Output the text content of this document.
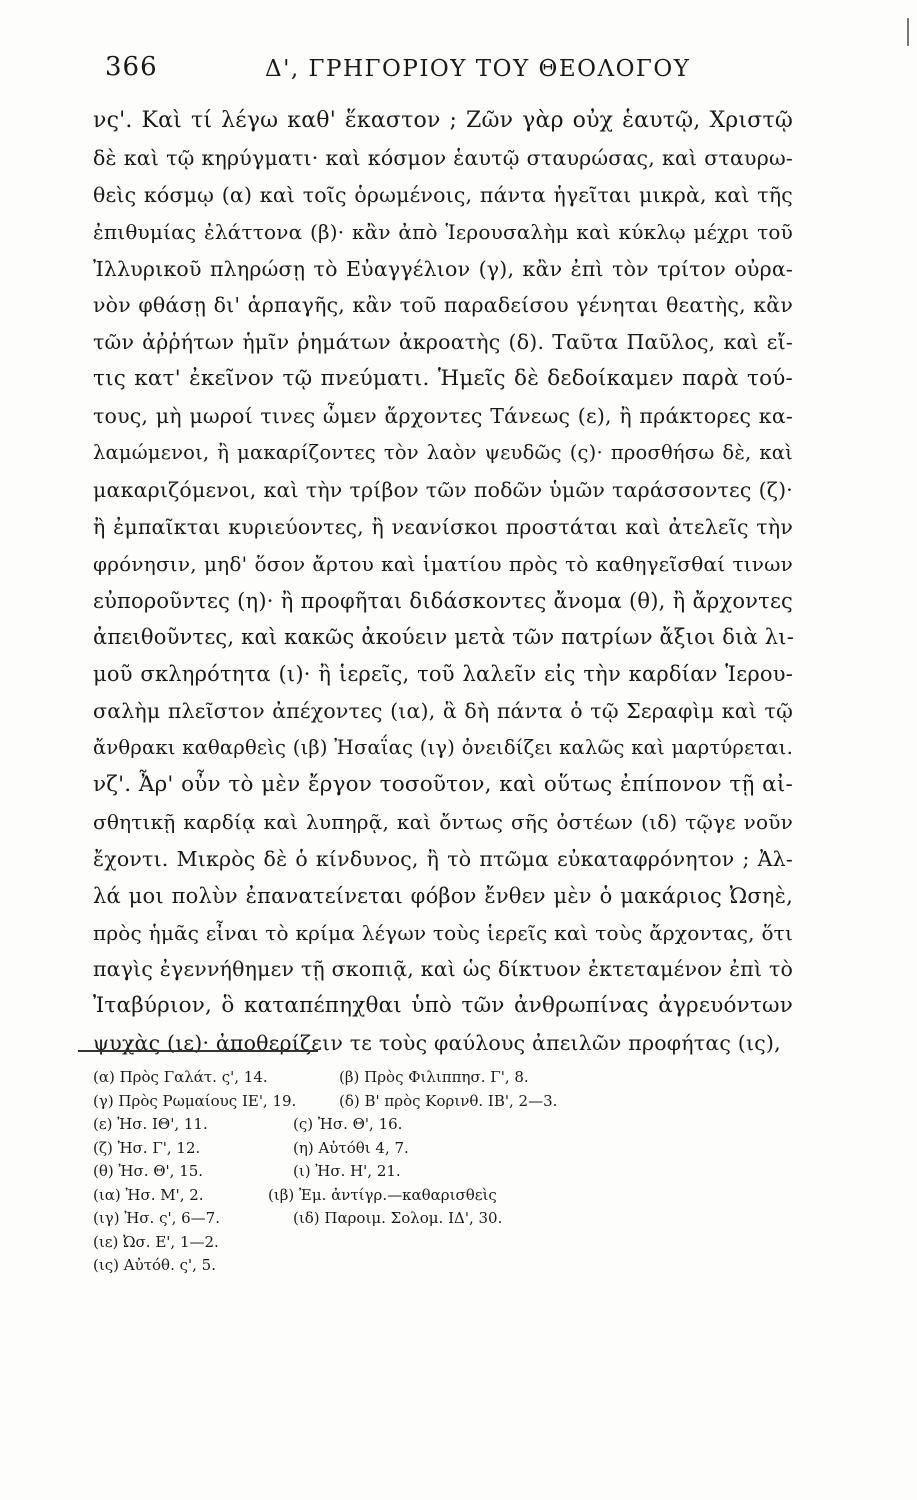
366	Δ', ΓΡΗΓΟΡΙΟΥ ΤΟΥ ΘΕΟΛΟΓΟΥ
νς'. Καὶ τί λέγω καθ' ἕκαστον ; Ζῶν γὰρ οὐχ ἑαυτῷ, Χριστῷ
δὲ καὶ τῷ κηρύγματι· καὶ κόσμον ἑαυτῷ σταυρώσας, καὶ σταυρω-
θεὶς κόσμῳ (α) καὶ τοῖς ὁρωμένοις, πάντα ἡγεῖται μικρὰ, καὶ τῆς
ἐπιθυμίας ἐλάττονα (β)· κἂν ἀπὸ Ἱερουσαλὴμ καὶ κύκλῳ μέχρι τοῦ
Ἰλλυρικοῦ πληρώσῃ τὸ Εὐαγγέλιον (γ), κἂν ἐπὶ τὸν τρίτον οὐρα-
νὸν φθάσῃ δι' ἁρπαγῆς, κἂν τοῦ παραδείσου γένηται θεατὴς, κἂν
τῶν ἀῤῥήτων ἡμῖν ῥημάτων ἀκροατὴς (δ). Ταῦτα Παῦλος, καὶ εἴ-
τις κατ' ἐκεῖνον τῷ πνεύματι. Ἡμεῖς δὲ δεδοίκαμεν παρὰ τού-
τους, μὴ μωροί τινες ὦμεν ἄρχοντες Τάνεως (ε), ἢ πράκτορες κα-
λαμώμενοι, ἢ μακαρίζοντες τὸν λαὸν ψευδῶς (ς)· προσθήσω δὲ, καὶ
μακαριζόμενοι, καὶ τὴν τρίβον τῶν ποδῶν ὑμῶν ταράσσοντες (ζ)·
ἢ ἐμπαῖκται κυριεύοντες, ἢ νεανίσκοι προστάται καὶ ἀτελεῖς τὴν
φρόνησιν, μηδ' ὅσον ἄρτου καὶ ἱματίου πρὸς τὸ καθηγεῖσθαί τινων
εὐποροῦντες (η)· ἢ προφῆται διδάσκοντες ἄνομα (θ), ἢ ἄρχοντες
ἀπειθοῦντες, καὶ κακῶς ἀκούειν μετὰ τῶν πατρίων ἄξιοι διὰ λι-
μοῦ σκληρότητα (ι)· ἢ ἱερεῖς, τοῦ λαλεῖν εἰς τὴν καρδίαν Ἱερου-
σαλὴμ πλεῖστον ἀπέχοντες (ια), ἃ δὴ πάντα ὁ τῷ Σεραφὶμ καὶ τῷ
ἄνθρακι καθαρθεὶς (ιβ) Ἠσαΐας (ιγ) ὀνειδίζει καλῶς καὶ μαρτύρεται.
νζ'. Ἆρ' οὖν τὸ μὲν ἔργον τοσοῦτον, καὶ οὕτως ἐπίπονον τῇ αἰ-
σθητικῇ καρδίᾳ καὶ λυπηρᾷ, καὶ ὄντως σῆς ὀστέων (ιδ) τῷγε νοῦν
ἔχοντι. Μικρὸς δὲ ὁ κίνδυνος, ἢ τὸ πτῶμα εὐκαταφρόνητον ; Ἀλ-
λά μοι πολὺν ἐπανατείνεται φόβον ἔνθεν μὲν ὁ μακάριος Ὠσηὲ,
πρὸς ἡμᾶς εἶναι τὸ κρίμα λέγων τοὺς ἱερεῖς καὶ τοὺς ἄρχοντας, ὅτι
παγὶς ἐγεννήθημεν τῇ σκοπιᾷ, καὶ ὡς δίκτυον ἐκτεταμένον ἐπὶ τὸ
Ἰταβύριον, ὃ καταπέπηχθαι ὑπὸ τῶν ἀνθρωπίνας ἀγρευόντων
ψυχὰς (ιε)· ἀποθερίζειν τε τοὺς φαύλους ἀπειλῶν προφήτας (ις),
(α) Πρὸς Γαλάτ. ς', 14.	(β) Πρὸς Φιλιππησ. Γ', 8.
(γ) Πρὸς Ρωμαίους ΙΕ', 19.	(δ) Β' πρὸς Κορινθ. ΙΒ', 2—3.
(ε) Ἠσ. ΙΘ', 11.	(ς) Ἠσ. Θ', 16.
(ζ) Ἠσ. Γ', 12.	(η) Αὐτόθι 4, 7.
(θ) Ἠσ. Θ', 15.	(ι) Ἠσ. Η', 21.
(ια) Ἠσ. Μ', 2.	(ιβ) Ἐμ. ἀντίγρ.—καθαρισθεὶς
(ιγ) Ἠσ. ς', 6—7.	(ιδ) Παροιμ. Σολομ. ΙΔ', 30.
(ιε) Ὠσ. Ε', 1—2.
(ις) Αὐτόθ. ς', 5.
